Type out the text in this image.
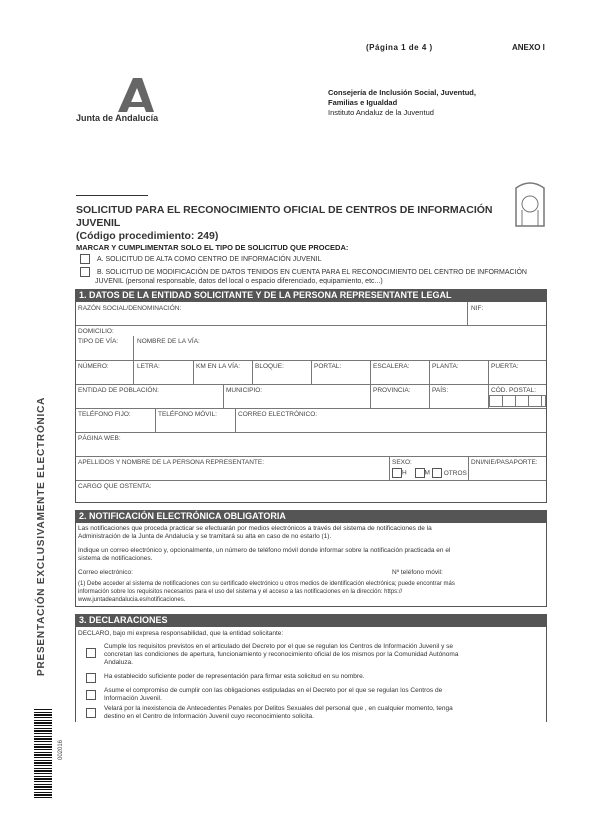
(Página 1 de 4 )	ANEXO I
Junta de Andalucía
Consejería de Inclusión Social, Juventud,
Familias e Igualdad
Instituto Andaluz de la Juventud
SOLICITUD PARA EL RECONOCIMIENTO OFICIAL DE CENTROS DE INFORMACIÓN JUVENIL
(Código procedimiento: 249)
MARCAR Y CUMPLIMENTAR SOLO EL TIPO DE SOLICITUD QUE PROCEDA:
A. SOLICITUD DE ALTA COMO CENTRO DE INFORMACIÓN JUVENIL
B. SOLICITUD DE MODIFICACIÓN DE DATOS TENIDOS EN CUENTA PARA EL RECONOCIMIENTO DEL CENTRO DE INFORMACIÓN
JUVENIL (personal responsable, datos del local o espacio diferenciado, equipamiento, etc...)
1. DATOS DE LA ENTIDAD SOLICITANTE Y DE LA PERSONA REPRESENTANTE LEGAL
RAZÓN SOCIAL/DENOMINACIÓN:	NIF:
DOMICILIO:
TIPO DE VÍA:	NOMBRE DE LA VÍA:
NÚMERO:	LETRA:	KM EN LA VÍA: BLOQUE:	PORTAL:	ESCALERA:	PLANTA:	PUERTA:
ENTIDAD DE POBLACIÓN:	MUNICIPIO:	PROVINCIA:	PAÍS:	CÓD. POSTAL:
TELÉFONO FIJO:	TELÉFONO MÓVIL:	CORREO ELECTRÓNICO:
PÁGINA WEB:
APELLIDOS Y NOMBRE DE LA PERSONA REPRESENTANTE:	SEXO:
H	M OTROS
DNI/NIE/PASAPORTE:
CARGO QUE OSTENTA:
2. NOTIFICACIÓN ELECTRÓNICA OBLIGATORIA
Las notificaciones que proceda practicar se efectuarán por medios electrónicos a través del sistema de notificaciones de la
Administración de la Junta de Andalucía y se tramitará su alta en caso de no estarlo (1).
Indique un correo electrónico y, opcionalmente, un número de teléfono móvil donde informar sobre la notificación practicada en el
sistema de notificaciones.
Correo electrónico:	Nº teléfono móvil:
(1) Debe acceder al sistema de notificaciones con su certificado electrónico u otros medios de identificación electrónica; puede encontrar más
información sobre los requisitos necesarios para el uso del sistema y el acceso a las notificaciones en la dirección: https://
www.juntadeandalucia.es/notificaciones.
3. DECLARACIONES
DECLARO, bajo mi expresa responsabilidad, que la entidad solicitante:
Cumple los requisitos previstos en el articulado del Decreto por el que se regulan los Centros de Información Juvenil y se
concretan las condiciones de apertura, funcionamiento y reconocimiento oficial de los mismos por la Comunidad Autónoma
Andaluza.
Ha establecido suficiente poder de representación para firmar esta solicitud en su nombre.
Asume el compromiso de cumplir con las obligaciones estipuladas en el Decreto por el que se regulan los Centros de
Información Juvenil.
Velará por la inexistencia de Antecedentes Penales por Delitos Sexuales del personal que , en cualquier momento, tenga
destino en el Centro de Información Juvenil cuyo reconocimiento solicita.
PRESENTACIÓN EXCLUSIVAMENTE ELECTRÓNICA
002016
